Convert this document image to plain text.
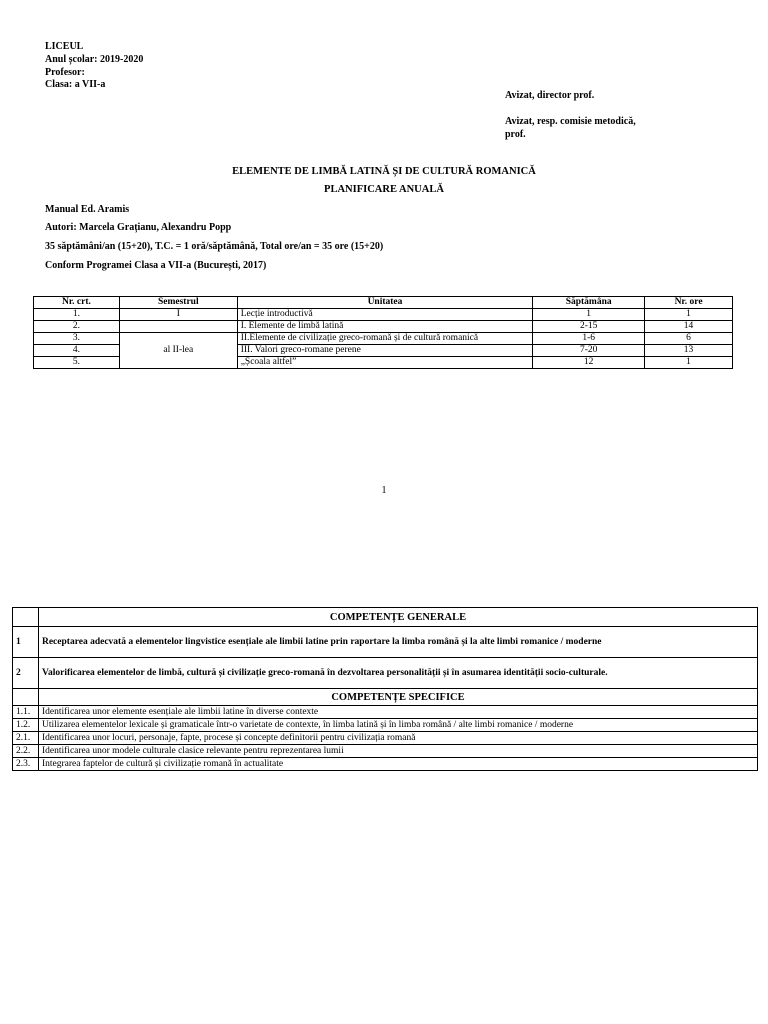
LICEUL
Anul școlar: 2019-2020
Profesor:
Clasa: a VII-a
Avizat, director prof.
Avizat, resp. comisie metodică,
prof.
ELEMENTE DE LIMBĂ LATINĂ ȘI DE CULTURĂ ROMANICĂ
PLANIFICARE ANUALĂ
Manual Ed. Aramis
Autori: Marcela Grațianu, Alexandru Popp
35 săptămâni/an (15+20), T.C. = 1 oră/săptămână, Total ore/an = 35 ore (15+20)
Conform Programei Clasa a VII-a (București, 2017)
Nr. crt.	Semestrul	Unitatea	Săptămâna	Nr. ore
1.	I	Lecție introductivă	1	1
2.		I. Elemente de limbă latină	2-15	14
3.	al II-lea	II.Elemente de civilizație greco-romană și de cultură romanică	1-6	6
4.		III. Valori greco-romane perene	7-20	13
5.		„Școala altfel”	12	1
1
	COMPETENȚE GENERALE
1	Receptarea adecvată a elementelor lingvistice esențiale ale limbii latine prin raportare la limba română și la alte limbi romanice / moderne
2	Valorificarea elementelor de limbă, cultură și civilizație greco-romană în dezvoltarea personalității și în asumarea identității socio-culturale.
	COMPETENȚE SPECIFICE
1.1.	Identificarea unor elemente esențiale ale limbii latine în diverse contexte
1.2.	Utilizarea elementelor lexicale și gramaticale într-o varietate de contexte, în limba latină și în limba română / alte limbi romanice / moderne
2.1.	Identificarea unor locuri, personaje, fapte, procese și concepte definitorii pentru civilizația romană
2.2.	Identificarea unor modele culturale clasice relevante pentru reprezentarea lumii
2.3.	Integrarea faptelor de cultură și civilizație romană în actualitate
